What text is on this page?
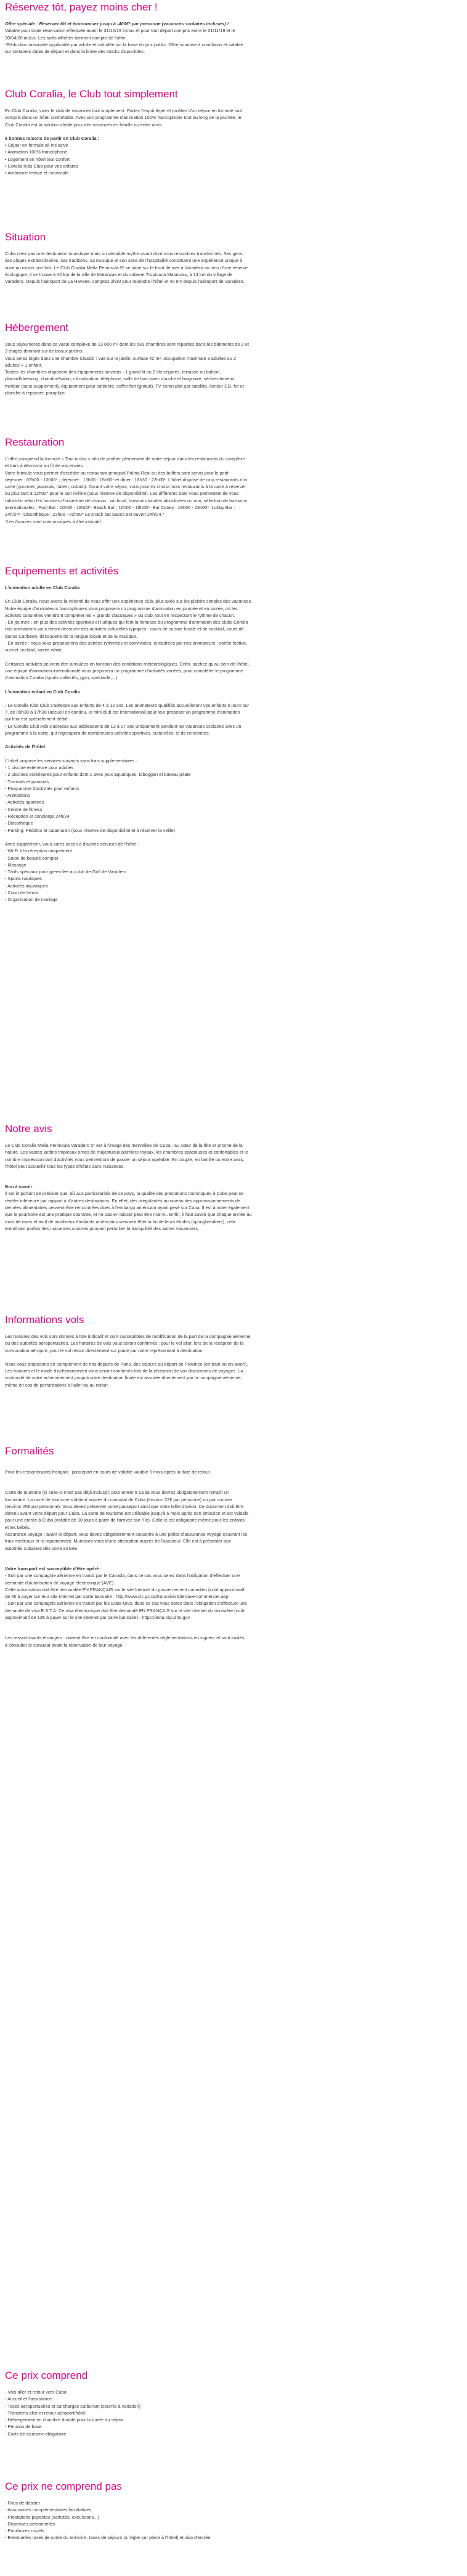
Réservez tôt, payez moins cher !
Offre spéciale : Réservez tôt et économisez jusqu'à -400€* par personne (vacances scolaires incluses) !
Valable pour toute réservation effectuée avant le 31/10/19 inclus et pour tout départ compris entre le 01/11/19 et le
30/04/20 inclus. Les tarifs affichés tiennent compte de l'offre.
*Réduction maximale applicable par adulte et calculée sur la base du prix public. Offre soumise à conditions et valable
sur certaines dates de départ et dans la limite des stocks disponibles.
Club Coralia, le Club tout simplement
En Club Coralia, vivez le club de vacances tout simplement. Partez l'esprit léger et profitez d'un séjour en formule tout
compris dans un hôtel confortable. Avec son programme d'animation 100% francophone tout au long de la journée, le
Club Coralia est la solution idéale pour des vacances en famille ou entre amis.
5 bonnes raisons de partir en Club Coralia :
• Séjour en formule all inclusive
• Animation 100% francophone
• Logement en hôtel tout confort
• Coralia Kids Club pour vos enfants
• Ambiance festive et conviviale
Situation
Cuba n'est pas une destination touristique mais un véritable mythe vivant dont vous ressortirez transformés. Ses gens,
ses plages extraordinaires, ses traditions, sa musique et son sens de l'hospitalité constituent une expérience unique à
vivre au moins une fois. Le Club Coralia Melia Peninsula 5* se situe sur le front de mer à Varadero au sein d'une réserve
écologique. Il se trouve à 40 km de la ville de Matanzas et du cabaret Tropicana Matanzas, à 14 km du village de
Varadero. Depuis l'aéroport de La Havane, comptez 2h30 pour rejoindre l'hôtel et 40 mn depuis l'aéroport de Varadero.
Hébergement
Vous séjournerez dans ce vaste complexe de 13 000 m² dont les 581 chambres sont réparties dans les bâtiments de 2 et
3 étages donnant sur de beaux jardins.
Vous serez logés dans une chambre Classic : vue sur le jardin, surface 42 m², occupation maximale 3 adultes ou 2
adultes + 1 enfant.
Toutes les chambres disposent des équipements suivants : 1 grand lit ou 2 lits séparés, terrasse ou balcon,
placard/dressing, chambre/salon, climatisation, téléphone, salle de bain avec douche et baignoire, sèche-cheveux,
minibar (sans supplément), équipement pour cafetière, coffre-fort (gratuit), TV écran plat par satellite, lecteur CD, fer et
planche à repasser, parapluie.
Restauration
L'offre comprend la formule « Tout inclus » afin de profiter pleinement de votre séjour dans les restaurants du complexe
et bars à découvrir au fil de vos envies.
Votre formule vous permet d'accéder au restaurant principal Palma Real ou des buffets sont servis pour le petit-
déjeuner : 07h00 - 10h00* ; déjeuner : 13h00 - 15h00* et dîner : 18h30 - 22h00*. L'hôtel dispose de cinq restaurants à la
carte (gourmet, japonais, italien, cubain). Durant votre séjour, vous pourrez choisir trois restaurants à la carte à réserver,
ou plus tard à 12h00* pour le soir même (sous réserve de disponibilité). Les différents bars vous permettent de vous
rafraîchir selon les horaires d'ouverture de chacun : vin local, boissons locales alcoolisées ou non, sélection de boissons
internationales : Pool Bar : 10h00 - 18h00*· Beach Bar : 10h00 - 18h00*· Bar Caney : 18h00 - 23h00*· Lobby Bar :
24h/24*· Discothèque : 23h00 - 02h00* Le snack bat Sasco est ouvert 24h/24.*
*Les horaires sont communiqués à titre indicatif.
Equipements et activités
L'animation adulte en Club Coralia
En Club Coralia, nous avons la volonté de vous offrir une expérience club, plus axée sur les plaisirs simples des vacances.
Notre équipe d'animateurs francophones vous proposera un programme d'animation en journée et en soirée, où les
activités culturelles viendront compléter les « grands classiques » du club, tout en respectant le rythme de chacun.
- En journée : en plus des activités sportives et ludiques qui font la richesse du programme d'animation des clubs Coralia
nos animateurs vous feront découvrir des activités culturelles typiques : cours de cuisine locale et de cocktail, cours de
danse Caribéen, découverte de la langue locale et de la musique.
- En soirée : nous vous proposerons des soirées rythmées et conviviales, encadrées par nos animateurs : soirée festive,
sunset cocktail, soirée white.
Certaines activités peuvent être annulées en fonction des conditions météorologiques. Enfin, sachez qu'au sein de l'hôtel,
une équipe d'animation internationale vous proposera un programme d'activités variées, pour compléter le programme
d'animation Coralia (sports collectifs, gym, spectacle,...).
L'animation enfant en Club Coralia
- Le Coralia Kids Club s'adresse aux enfants de 4 à 12 ans. Les animateurs qualifiés accueilleront vos enfants 6 jours sur
7, de 09h30 à 17h30 (accueil en continu, le mini club est international) pour leur proposer un programme d'animation
qui leur est spécialement dédié.
- Le Coralia Club Ado s'adresse aux adolescents de 13 à 17 ans uniquement pendant les vacances scolaires avec un
programme à la carte, qui regroupera de nombreuses activités sportives, culturelles, et de rencontres.
Activités de l'hôtel
L'hôtel propose les services suivants sans frais supplémentaires :
- 1 piscine extérieure pour adultes
- 2 piscines extérieures pour enfants dont 1 avec jeux aquatiques, toboggan et bateau pirate
- Transats et parasols
- Programme d'activités pour enfants
- Animations
- Activités sportives
- Centre de fitness
- Réception et concierge 24h/24
- Discothèque
- Parking: Pédalos et catamaran (sous réserve de disponibilité et à réserver la veille)
Avec supplément, vous aurez accès à d'autres services de l'hôtel :
- Wi-Fi à la réception uniquement
- Salon de beauté complet
- Massage
- Tarifs spéciaux pour green fee au club de Golf de Varadero
- Sports nautiques
- Activités aquatiques
- Court de tennis
- Organisation de mariage
Notre avis
Le Club Coralia Melia Peninsula Varadero 5* est à l'image des merveilles de Cuba : au cœur de la fête et proche de la
nature. Les vastes jardins tropicaux ornés de majestueux palmiers royaux, les chambres spacieuses et confortables et le
nombre impressionnant d'activités vous permettront de passer un séjour agréable. En couple, en famille ou entre amis,
l'hôtel peut accueillir tous les types d'hôtes sans nuisances.
Bon à savoir
Il est important de préciser que, dû aux particularités de ce pays, la qualité des prestations touristiques à Cuba peut se
révéler inférieure par rapport à d'autres destinations. En effet, des irrégularités au niveau des approvisionnements de
denrées alimentaires peuvent être rencontrées dues à l'embargo américain ayant pesé sur Cuba. Il est à noter également
que le pourboire est une pratique courante, et ne pas en laisser peut être mal vu. Enfin, il faut savoir que chaque année au
mois de mars et avril de nombreux étudiants américains viennent fêter la fin de leurs études (springbreakers), cela
entraînant parfois des nuisances sonores pouvant perturber la tranquillité des autres vacanciers.
Informations vols
Les horaires des vols sont donnés à titre indicatif et sont susceptibles de modification de la part de la compagnie aérienne
ou des autorités aéroportuaires. Les horaires de vols vous seront confirmés : pour le vol aller, lors de la réception de la
convocation aéroport, pour le vol retour directement sur place par notre représentant à destination.
Nous vous proposons en complément de nos départs de Paris, des séjours au départ de Province (en train ou en avion).
Les horaires et le mode d'acheminement vous seront confirmés lors de la réception de vos documents de voyages. La
continuité de votre acheminement jusqu'à votre destination finale est assurée directement par la compagnie aérienne,
même en cas de perturbations à l'aller ou au retour.
Formalités
Pour les ressortissants français : passeport en cours de validité valable 6 mois après la date de retour.
Carte de tourisme (si celle-ci n'est pas déjà incluse): pour entrer à Cuba vous devrez obligatoirement remplir un
formulaire. La carte de tourisme s'obtient auprès du consulat de Cuba (environ 22€ par personne) ou par courrier
(environ 25€ par personne). Vous devez présenter votre passeport ainsi que votre billet d'avion. Ce document doit être
obtenu avant votre départ pour Cuba. La carte de tourisme est utilisable jusqu'à 6 mois après son émission et est valable
pour une entrée à Cuba (validité de 30 jours à partir de l'arrivée sur l'île). Celle-ci est obligatoire même pour les enfants
et les bébés.
Assurance voyage : avant le départ, vous devez obligatoirement souscrire à une police d'assurance voyage couvrant les
frais médicaux et le rapatriement. Munissez-vous d'une attestation auprès de l'assureur. Elle est à présenter aux
autorités cubaines dès votre arrivée.
Votre transport est susceptible d'être opéré :
- Soit par une compagnie aérienne en transit par le Canada, dans ce cas vous serez dans l'obligation d'effectuer une
demande d'autorisation de voyage électronique (AVE).
Cette autorisation doit être demandée EN FRANÇAIS sur le site Internet du gouvernement canadien (coût approximatif
de 4€ à payer sur leur site internet par carte bancaire : http://www.cic.gc.ca/francais/visiter/ave-commencer.asp
- Soit par une compagnie aérienne en transit par les Etats-Unis, dans ce cas vous serez dans l'obligation d'effectuer une
demande de visa E.S.T.A. Ce visa électronique doit être demandé EN FRANÇAIS sur le site internet du ministère (coût
approximatif de 13€ à payer sur le site internet par carte bancaire) : https://esta.cbp.dhs.gov
Les ressortissants étrangers : doivent être en conformité avec les différentes réglementations en vigueur et sont invités
à consulter le consulat avant la réservation de leur voyage.
Ce prix comprend
- Vols aller et retour vers Cuba
- Accueil et l'assistance
- Taxes aéroportuaires et surcharges carburant (soumis à variation)
- Transferts aller et retour aéroport/hôtel
- Hébergement en chambre double pour la durée du séjour
- Pension de base
- Carte de tourisme obligatoire
Ce prix ne comprend pas
- Frais de dossier
- Assurances complémentaires facultatives
- Prestations payantes (activités, excursions...)
- Dépenses personnelles
- Pourboires usuels
- Eventuelles taxes de sortie du territoire, taxes de séjours (à régler sur place à l'hôtel) et visa d'entrée
